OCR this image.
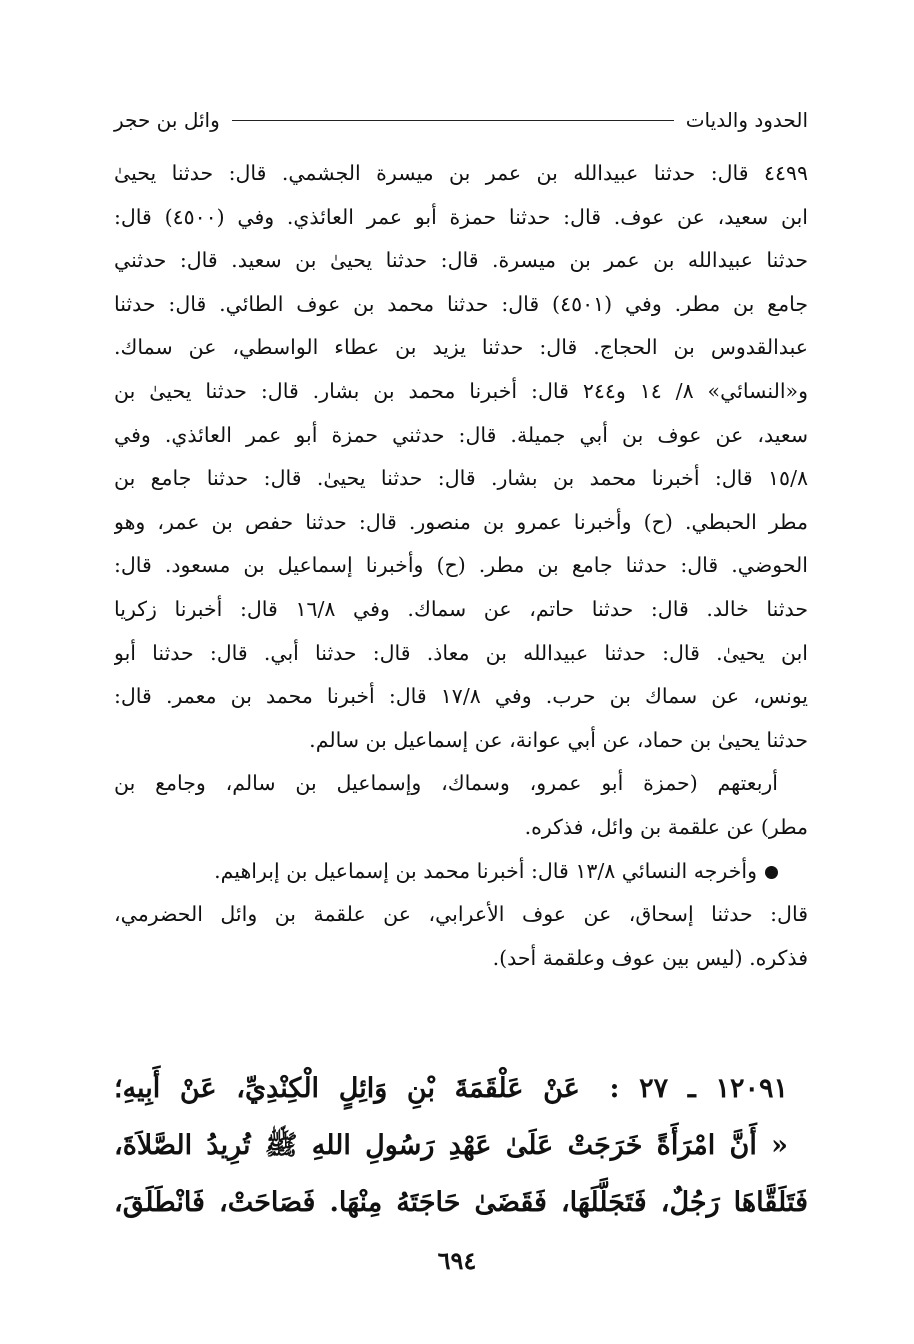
الحدود والديات
وائل بن حجر
٤٤٩٩ قال: حدثنا عبيدالله بن عمر بن ميسرة الجشمي. قال: حدثنا يحيىٰ
ابن سعيد، عن عوف. قال: حدثنا حمزة أبو عمر العائذي. وفي (٤٥٠٠) قال:
حدثنا عبيدالله بن عمر بن ميسرة. قال: حدثنا يحيىٰ بن سعيد. قال: حدثني
جامع بن مطر. وفي (٤٥٠١) قال: حدثنا محمد بن عوف الطائي. قال: حدثنا
عبدالقدوس بن الحجاج. قال: حدثنا يزيد بن عطاء الواسطي، عن سماك.
و«النسائي» ٨/ ١٤ و٢٤٤ قال: أخبرنا محمد بن بشار. قال: حدثنا يحيىٰ بن
سعيد، عن عوف بن أبي جميلة. قال: حدثني حمزة أبو عمر العائذي. وفي
١٥/٨ قال: أخبرنا محمد بن بشار. قال: حدثنا يحيىٰ. قال: حدثنا جامع بن
مطر الحبطي. (ح) وأخبرنا عمرو بن منصور. قال: حدثنا حفص بن عمر، وهو
الحوضي. قال: حدثنا جامع بن مطر. (ح) وأخبرنا إسماعيل بن مسعود. قال:
حدثنا خالد. قال: حدثنا حاتم، عن سماك. وفي ١٦/٨ قال: أخبرنا زكريا
ابن يحيىٰ. قال: حدثنا عبيدالله بن معاذ. قال: حدثنا أبي. قال: حدثنا أبو
يونس، عن سماك بن حرب. وفي ١٧/٨ قال: أخبرنا محمد بن معمر. قال:
حدثنا يحيىٰ بن حماد، عن أبي عوانة، عن إسماعيل بن سالم.
أربعتهم (حمزة أبو عمرو، وسماك، وإسماعيل بن سالم، وجامع بن
مطر) عن علقمة بن وائل، فذكره.
وأخرجه النسائي ١٣/٨ قال: أخبرنا محمد بن إسماعيل بن إبراهيم.
قال: حدثنا إسحاق، عن عوف الأعرابي، عن علقمة بن وائل الحضرمي،
فذكره. (ليس بين عوف وعلقمة أحد).
١٢٠٩١ ـ ٢٧ : عَنْ عَلْقَمَةَ بْنِ وَائِلٍ الْكِنْدِيِّ، عَنْ أَبِيهِ؛
« أَنَّ امْرَأَةً خَرَجَتْ عَلَىٰ عَهْدِ رَسُولِ اللهِ ﷺ تُرِيدُ الصَّلاَةَ،
فَتَلَقَّاهَا رَجُلٌ، فَتَجَلَّلَهَا، فَقَضَىٰ حَاجَتَهُ مِنْهَا. فَصَاحَتْ، فَانْطَلَقَ،
٦٩٤
